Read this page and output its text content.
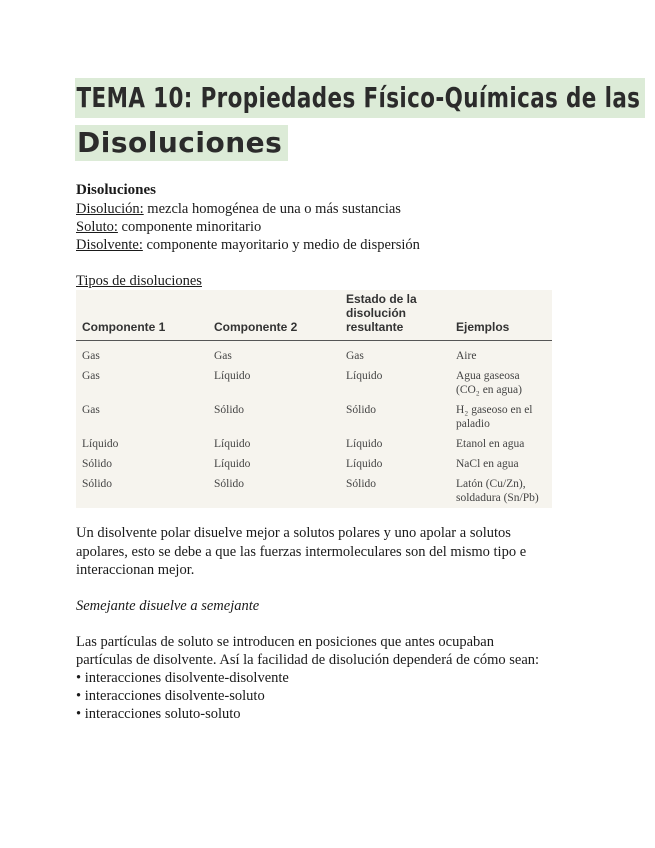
TEMA 10: Propiedades Físico-Químicas de las
Disoluciones
Disoluciones
Disolución: mezcla homogénea de una o más sustancias
Soluto: componente minoritario
Disolvente: componente mayoritario y medio de dispersión
Tipos de disoluciones
Componente 1	Componente 2	Estado de la disolución resultante	Ejemplos
Gas	Gas	Gas	Aire
Gas	Líquido	Líquido	Agua gaseosa (CO₂ en agua)
Gas	Sólido	Sólido	H₂ gaseoso en el paladio
Líquido	Líquido	Líquido	Etanol en agua
Sólido	Líquido	Líquido	NaCl en agua
Sólido	Sólido	Sólido	Latón (Cu/Zn), soldadura (Sn/Pb)
Un disolvente polar disuelve mejor a solutos polares y uno apolar a solutos
apolares, esto se debe a que las fuerzas intermoleculares son del mismo tipo e
interaccionan mejor.
Semejante disuelve a semejante
Las partículas de soluto se introducen en posiciones que antes ocupaban
partículas de disolvente. Así la facilidad de disolución dependerá de cómo sean:
• interacciones disolvente-disolvente
• interacciones disolvente-soluto
• interacciones soluto-soluto
